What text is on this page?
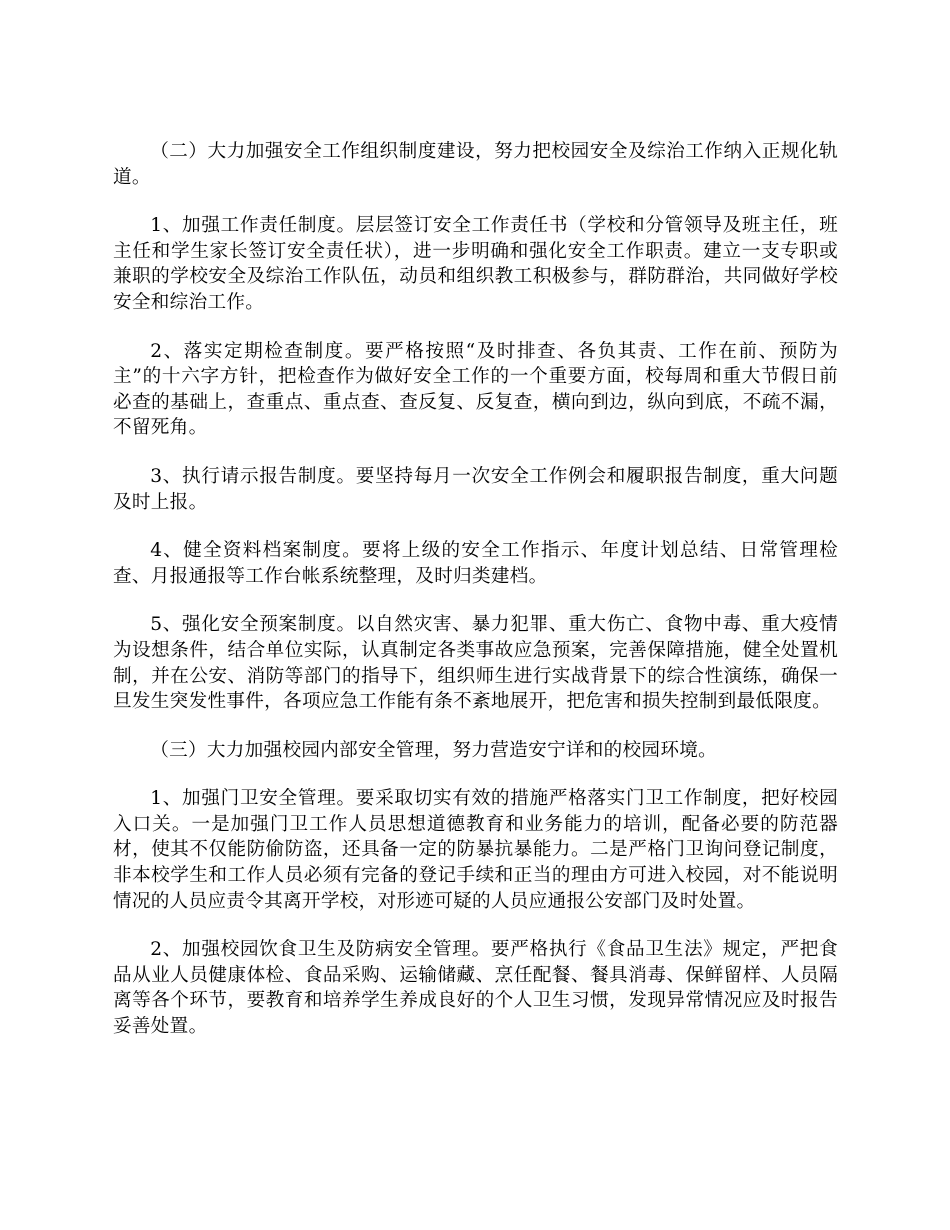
（二）大力加强安全工作组织制度建设，努力把校园安全及综治工作纳入正规化轨道。

1、加强工作责任制度。层层签订安全工作责任书（学校和分管领导及班主任，班主任和学生家长签订安全责任状），进一步明确和强化安全工作职责。建立一支专职或兼职的学校安全及综治工作队伍，动员和组织教工积极参与，群防群治，共同做好学校安全和综治工作。

2、落实定期检查制度。要严格按照“及时排查、各负其责、工作在前、预防为主”的十六字方针，把检查作为做好安全工作的一个重要方面，校每周和重大节假日前必查的基础上，查重点、重点查、查反复、反复查，横向到边，纵向到底，不疏不漏，不留死角。

3、执行请示报告制度。要坚持每月一次安全工作例会和履职报告制度，重大问题及时上报。

4、健全资料档案制度。要将上级的安全工作指示、年度计划总结、日常管理检查、月报通报等工作台帐系统整理，及时归类建档。

5、强化安全预案制度。以自然灾害、暴力犯罪、重大伤亡、食物中毒、重大疫情为设想条件，结合单位实际，认真制定各类事故应急预案，完善保障措施，健全处置机制，并在公安、消防等部门的指导下，组织师生进行实战背景下的综合性演练，确保一旦发生突发性事件，各项应急工作能有条不紊地展开，把危害和损失控制到最低限度。

（三）大力加强校园内部安全管理，努力营造安宁详和的校园环境。

1、加强门卫安全管理。要采取切实有效的措施严格落实门卫工作制度，把好校园入口关。一是加强门卫工作人员思想道德教育和业务能力的培训，配备必要的防范器材，使其不仅能防偷防盗，还具备一定的防暴抗暴能力。二是严格门卫询问登记制度，非本校学生和工作人员必须有完备的登记手续和正当的理由方可进入校园，对不能说明情况的人员应责令其离开学校，对形迹可疑的人员应通报公安部门及时处置。

2、加强校园饮食卫生及防病安全管理。要严格执行《食品卫生法》规定，严把食品从业人员健康体检、食品采购、运输储藏、烹任配餐、餐具消毒、保鲜留样、人员隔离等各个环节，要教育和培养学生养成良好的个人卫生习惯，发现异常情况应及时报告妥善处置。
